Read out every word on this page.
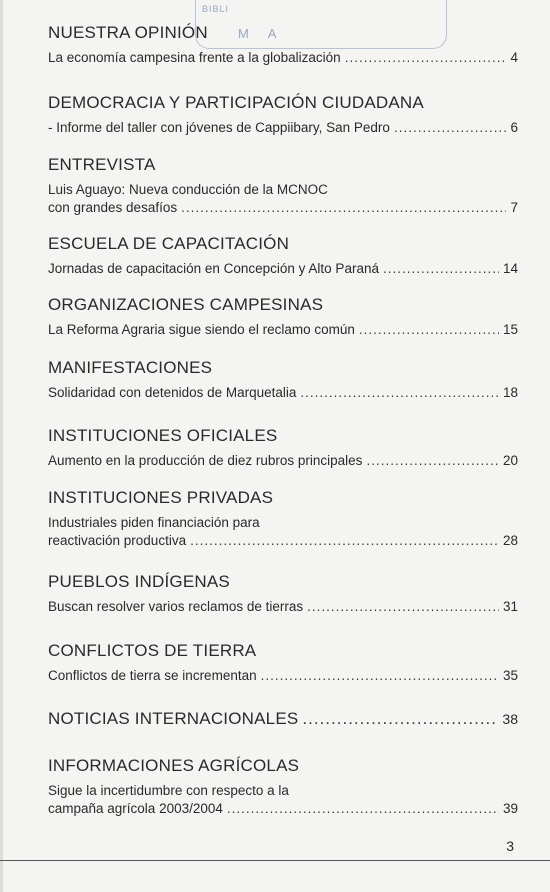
BIBLI
M A
NUESTRA OPINIÓN
La economía campesina frente a la globalización .....	4
DEMOCRACIA Y PARTICIPACIÓN CIUDADANA
- Informe del taller con jóvenes de Cappiibary, San Pedro .....	6
ENTREVISTA
Luis Aguayo: Nueva conducción de la MCNOC
con grandes desafíos .....	7
ESCUELA DE CAPACITACIÓN
Jornadas de capacitación en Concepción y Alto Paraná .....	14
ORGANIZACIONES CAMPESINAS
La Reforma Agraria sigue siendo el reclamo común .....	15
MANIFESTACIONES
Solidaridad con detenidos de Marquetalia .....	18
INSTITUCIONES OFICIALES
Aumento en la producción de diez rubros principales .....	20
INSTITUCIONES PRIVADAS
Industriales piden financiación para
reactivación productiva .....	28
PUEBLOS INDÍGENAS
Buscan resolver varios reclamos de tierras .....	31
CONFLICTOS DE TIERRA
Conflictos de tierra se incrementan .....	35
NOTICIAS INTERNACIONALES .....	38
INFORMACIONES AGRÍCOLAS
Sigue la incertidumbre con respecto a la
campaña agrícola 2003/2004 .....	39
3
